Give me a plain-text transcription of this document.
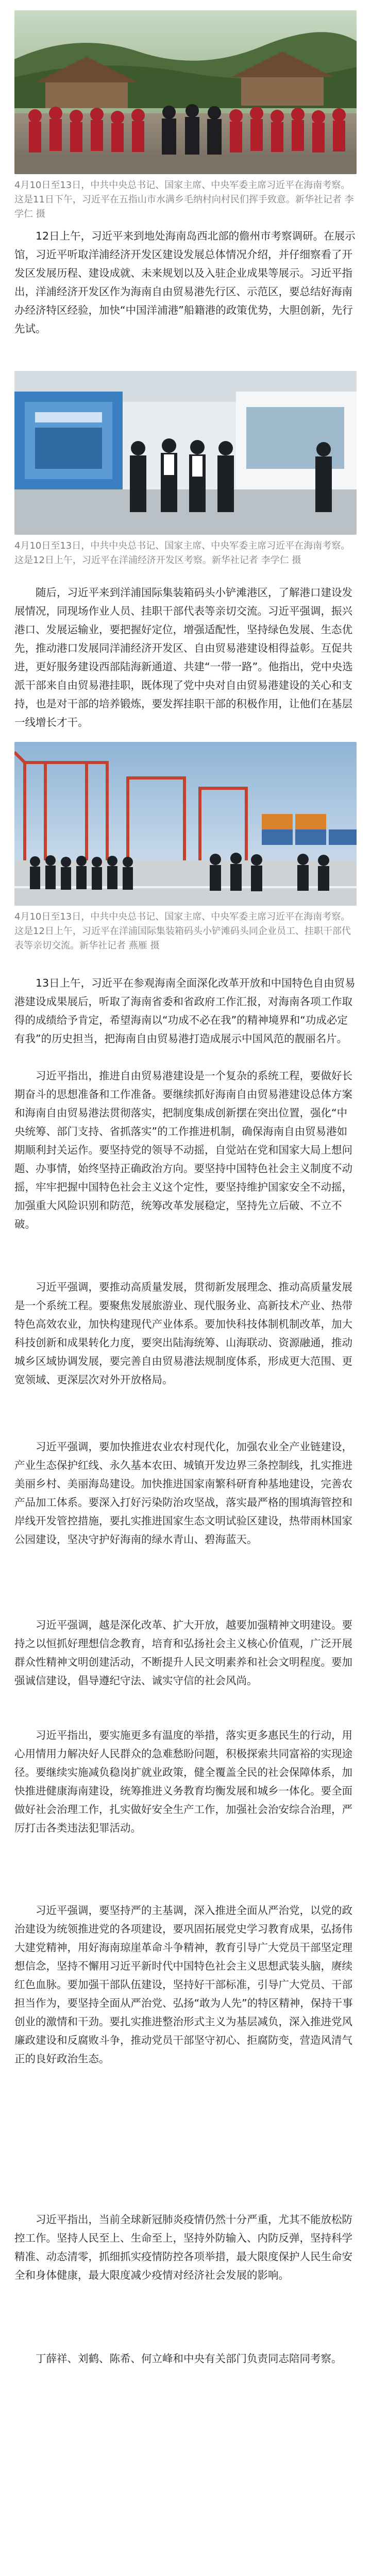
4月10日至13日，中共中央总书记、国家主席、中央军委主席习近平在海南考察。这是11日下午，习近平在五指山市水满乡毛纳村向村民们挥手致意。新华社记者 李学仁 摄
12日上午，习近平来到地处海南岛西北部的儋州市考察调研。在展示馆，习近平听取洋浦经济开发区建设发展总体情况介绍，并仔细察看了开发区发展历程、建设成就、未来规划以及入驻企业成果等展示。习近平指出，洋浦经济开发区作为海南自由贸易港先行区、示范区，要总结好海南办经济特区经验，加快“中国洋浦港”船籍港的政策优势，大胆创新，先行先试。
4月10日至13日，中共中央总书记、国家主席、中央军委主席习近平在海南考察。这是12日上午，习近平在洋浦经济开发区考察。新华社记者 李学仁 摄
随后，习近平来到洋浦国际集装箱码头小铲滩港区，了解港口建设发展情况，同现场作业人员、挂职干部代表等亲切交流。习近平强调，振兴港口、发展运输业，要把握好定位，增强适配性，坚持绿色发展、生态优先，推动港口发展同洋浦经济开发区、自由贸易港建设相得益彰。互促共进，更好服务建设西部陆海新通道、共建“一带一路”。他指出，党中央选派干部来自由贸易港挂职，既体现了党中央对自由贸易港建设的关心和支持，也是对干部的培养锻炼，要发挥挂职干部的积极作用，让他们在基层一线增长才干。
4月10日至13日，中共中央总书记、国家主席、中央军委主席习近平在海南考察。这是12日上午，习近平在洋浦国际集装箱码头小铲滩码头同企业员工、挂职干部代表等亲切交流。新华社记者 燕雁 摄
13日上午，习近平在参观海南全面深化改革开放和中国特色自由贸易港建设成果展后，听取了海南省委和省政府工作汇报，对海南各项工作取得的成绩给予肯定，希望海南以“功成不必在我”的精神境界和“功成必定有我”的历史担当，把海南自由贸易港打造成展示中国风范的靓丽名片。
习近平指出，推进自由贸易港建设是一个复杂的系统工程，要做好长期奋斗的思想准备和工作准备。要继续抓好海南自由贸易港建设总体方案和海南自由贸易港法贯彻落实，把制度集成创新摆在突出位置，强化“中央统筹、部门支持、省抓落实”的工作推进机制，确保海南自由贸易港如期顺利封关运作。要坚持党的领导不动摇，自觉站在党和国家大局上想问题、办事情，始终坚持正确政治方向。要坚持中国特色社会主义制度不动摇，牢牢把握中国特色社会主义这个定性，要坚持维护国家安全不动摇，加强重大风险识别和防范，统筹改革发展稳定，坚持先立后破、不立不破。
习近平强调，要推动高质量发展，贯彻新发展理念、推动高质量发展是一个系统工程。要聚焦发展旅游业、现代服务业、高新技术产业、热带特色高效农业，加快构建现代产业体系。要加快科技体制机制改革，加大科技创新和成果转化力度，要突出陆海统筹、山海联动、资源融通，推动城乡区域协调发展，要完善自由贸易港法规制度体系，形成更大范围、更宽领域、更深层次对外开放格局。
习近平强调，要加快推进农业农村现代化，加强农业全产业链建设，产业生态保护红线、永久基本农田、城镇开发边界三条控制线，扎实推进美丽乡村、美丽海岛建设。加快推进国家南繁科研育种基地建设，完善农产品加工体系。要深入打好污染防治攻坚战，落实最严格的围填海管控和岸线开发管控措施，要扎实推进国家生态文明试验区建设，热带雨林国家公园建设，坚决守护好海南的绿水青山、碧海蓝天。
习近平强调，越是深化改革、扩大开放，越要加强精神文明建设。要持之以恒抓好理想信念教育，培育和弘扬社会主义核心价值观，广泛开展群众性精神文明创建活动，不断提升人民文明素养和社会文明程度。要加强诚信建设，倡导遵纪守法、诚实守信的社会风尚。
习近平指出，要实施更多有温度的举措，落实更多惠民生的行动，用心用情用力解决好人民群众的急难愁盼问题，积极探索共同富裕的实现途径。要继续实施减负稳岗扩就业政策，健全覆盖全民的社会保障体系，加快推进健康海南建设，统筹推进义务教育均衡发展和城乡一体化。要全面做好社会治理工作，扎实做好安全生产工作，加强社会治安综合治理，严厉打击各类违法犯罪活动。
习近平强调，要坚持严的主基调，深入推进全面从严治党，以党的政治建设为统领推进党的各项建设，要巩固拓展党史学习教育成果，弘扬伟大建党精神，用好海南琼崖革命斗争精神，教育引导广大党员干部坚定理想信念，坚持不懈用习近平新时代中国特色社会主义思想武装头脑，赓续红色血脉。要加强干部队伍建设，坚持好干部标准，引导广大党员、干部担当作为，要坚持全面从严治党、弘扬“敢为人先”的特区精神，保持干事创业的激情和干劲。要扎实推进整治形式主义为基层减负，深入推进党风廉政建设和反腐败斗争，推动党员干部坚守初心、拒腐防变，营造风清气正的良好政治生态。
习近平指出，当前全球新冠肺炎疫情仍然十分严重，尤其不能放松防控工作。坚持人民至上、生命至上，坚持外防输入、内防反弹，坚持科学精准、动态清零，抓细抓实疫情防控各项举措，最大限度保护人民生命安全和身体健康，最大限度减少疫情对经济社会发展的影响。
丁薛祥、刘鹤、陈希、何立峰和中央有关部门负责同志陪同考察。
